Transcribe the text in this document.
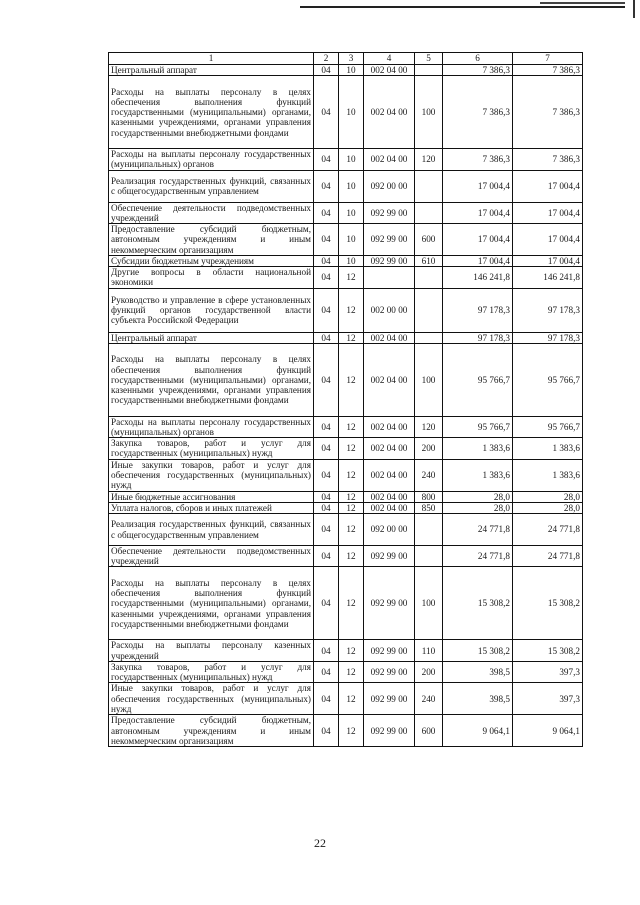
1	2	3	4	5	6	7
Центральный аппарат	04	10	002 04 00		7 386,3	7 386,3
Расходы на выплаты персоналу в целях обеспечения выполнения функций государственными (муниципальными) органами, казенными учреждениями, органами управления государственными внебюджетными фондами	04	10	002 04 00	100	7 386,3	7 386,3
Расходы на выплаты персоналу государственных (муниципальных) органов	04	10	002 04 00	120	7 386,3	7 386,3
Реализация государственных функций, связанных с общегосударственным управлением	04	10	092 00 00		17 004,4	17 004,4
Обеспечение деятельности подведомственных учреждений	04	10	092 99 00		17 004,4	17 004,4
Предоставление субсидий бюджетным, автономным учреждениям и иным некоммерческим организациям	04	10	092 99 00	600	17 004,4	17 004,4
Субсидии бюджетным учреждениям	04	10	092 99 00	610	17 004,4	17 004,4
Другие вопросы в области национальной экономики	04	12			146 241,8	146 241,8
Руководство и управление в сфере установленных функций органов государственной власти субъекта Российской Федерации	04	12	002 00 00		97 178,3	97 178,3
Центральный аппарат	04	12	002 04 00		97 178,3	97 178,3
Расходы на выплаты персоналу в целях обеспечения выполнения функций государственными (муниципальными) органами, казенными учреждениями, органами управления государственными внебюджетными фондами	04	12	002 04 00	100	95 766,7	95 766,7
Расходы на выплаты персоналу государственных (муниципальных) органов	04	12	002 04 00	120	95 766,7	95 766,7
Закупка товаров, работ и услуг для государственных (муниципальных) нужд	04	12	002 04 00	200	1 383,6	1 383,6
Иные закупки товаров, работ и услуг для обеспечения государственных (муниципальных) нужд	04	12	002 04 00	240	1 383,6	1 383,6
Иные бюджетные ассигнования	04	12	002 04 00	800	28,0	28,0
Уплата налогов, сборов и иных платежей	04	12	002 04 00	850	28,0	28,0
Реализация государственных функций, связанных с общегосударственным управлением	04	12	092 00 00		24 771,8	24 771,8
Обеспечение деятельности подведомственных учреждений	04	12	092 99 00		24 771,8	24 771,8
Расходы на выплаты персоналу в целях обеспечения выполнения функций государственными (муниципальными) органами, казенными учреждениями, органами управления государственными внебюджетными фондами	04	12	092 99 00	100	15 308,2	15 308,2
Расходы на выплаты персоналу казенных учреждений	04	12	092 99 00	110	15 308,2	15 308,2
Закупка товаров, работ и услуг для государственных (муниципальных) нужд	04	12	092 99 00	200	398,5	397,3
Иные закупки товаров, работ и услуг для обеспечения государственных (муниципальных) нужд	04	12	092 99 00	240	398,5	397,3
Предоставление субсидий бюджетным, автономным учреждениям и иным некоммерческим организациям	04	12	092 99 00	600	9 064,1	9 064,1
22
